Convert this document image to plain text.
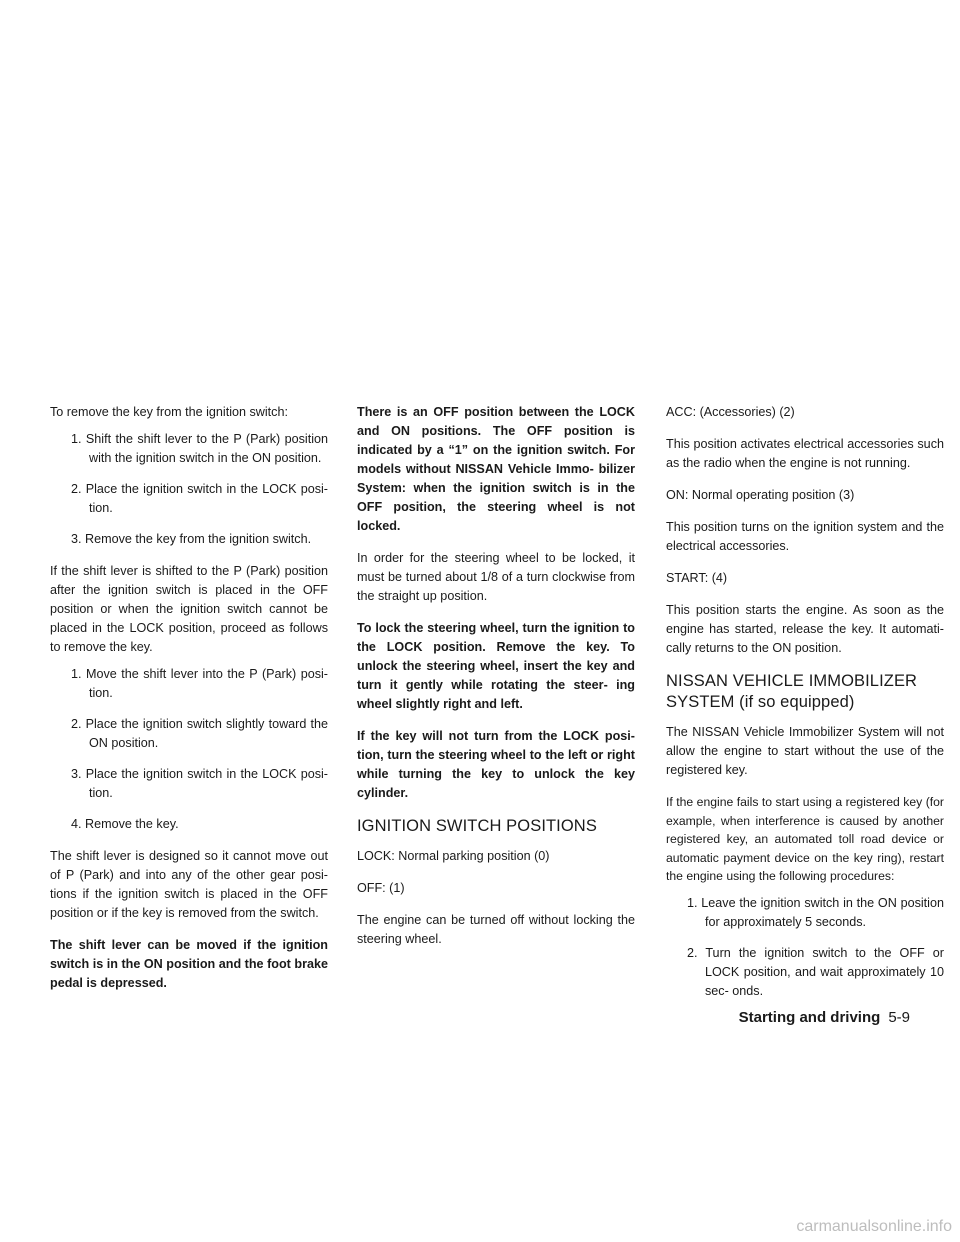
To remove the key from the ignition switch:

1. Shift the shift lever to the P (Park) position with the ignition switch in the ON position.
2. Place the ignition switch in the LOCK posi- tion.
3. Remove the key from the ignition switch.

If the shift lever is shifted to the P (Park) position after the ignition switch is placed in the OFF position or when the ignition switch cannot be placed in the LOCK position, proceed as follows to remove the key.

1. Move the shift lever into the P (Park) posi- tion.
2. Place the ignition switch slightly toward the ON position.
3. Place the ignition switch in the LOCK posi- tion.
4. Remove the key.

The shift lever is designed so it cannot move out of P (Park) and into any of the other gear posi- tions if the ignition switch is placed in the OFF position or if the key is removed from the switch.

The shift lever can be moved if the ignition switch is in the ON position and the foot brake pedal is depressed.

There is an OFF position between the LOCK and ON positions. The OFF position is indicated by a “1” on the ignition switch. For models without NISSAN Vehicle Immo- bilizer System: when the ignition switch is in the OFF position, the steering wheel is not locked.

In order for the steering wheel to be locked, it must be turned about 1/8 of a turn clockwise from the straight up position.

To lock the steering wheel, turn the ignition to the LOCK position. Remove the key. To unlock the steering wheel, insert the key and turn it gently while rotating the steer- ing wheel slightly right and left.

If the key will not turn from the LOCK posi- tion, turn the steering wheel to the left or right while turning the key to unlock the key cylinder.

IGNITION SWITCH POSITIONS

LOCK: Normal parking position (0)

OFF: (1)

The engine can be turned off without locking the steering wheel.

ACC: (Accessories) (2)

This position activates electrical accessories such as the radio when the engine is not running.

ON: Normal operating position (3)

This position turns on the ignition system and the electrical accessories.

START: (4)

This position starts the engine. As soon as the engine has started, release the key. It automati- cally returns to the ON position.

NISSAN VEHICLE IMMOBILIZER
SYSTEM (if so equipped)

The NISSAN Vehicle Immobilizer System will not allow the engine to start without the use of the registered key.

If the engine fails to start using a registered key (for example, when interference is caused by another registered key, an automated toll road device or automatic payment device on the key ring), restart the engine using the following procedures:

1. Leave the ignition switch in the ON position for approximately 5 seconds.
2. Turn the ignition switch to the OFF or LOCK position, and wait approximately 10 sec- onds.
Starting and driving 5-9
carmanualsonline.info
